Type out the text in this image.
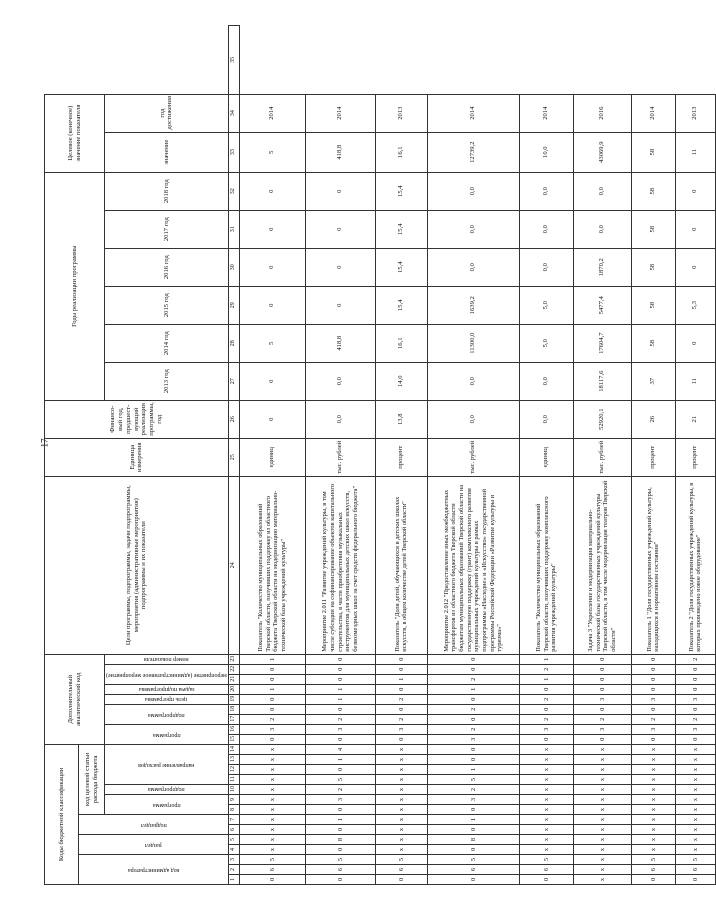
17
Коды бюджетной классификации														Дополнительный аналитический код									Цели программы, подпрограммы, задачи подпрограммы, мероприятия (административные мероприятия) подпрограммы и их показатели	Единица измерения	Финансо-вый год, предшест-вующий реализации программы, год	Годы реализации программы						Целевое (конечное) значение показателя		

код администратора			раздел		подраздел		код целевой статьи расхода бюджета																											

							программа		подпрограмма	направление расходов				программа		подпрограмма		цель программы	задача подпрограммы	мероприятие (административное мероприятие)		номер показателя				2013 год	2014 год	2015 год	2016 год	2017 год	2018 год	значение	год достижения	
1	2	3	4	5	6	7	8	9	10	11	12	13	14	15	16	17	18	19	20	21	22	23	24	25	26	27	28	29	30	31	32	33	34	35
0	6	5	x	x	x	x	x	x	x	x	x	x	x	0	3	2	0	0	1	0	0	1	Показатель "Количество муниципальных образований Тверской области, получивших поддержку из областного бюджета Тверской области на модернизацию материально-технической базы учреждений культуры"	единиц	0	0	5	0	0	0	0	5	2014	
0	6	5	0	8	0	1	0	3	2	5	0	1	4	0	3	2	0	1	1	0	0	0	Мероприятие 2.011 "Развитие учреждений культуры, в том числе субсидии на софинансирование объектов капитального строительства, в части приобретения музыкальных инструментов для муниципальных детских школ искусств, безвозмездных школ за счет средств федерального бюджета"	тыс. рублей	0,0	0,0	418,8	0	0	0	0	418,8	2014	
0	6	5	x	x	x	x	x	x	x	x	x	x	x	0	3	2	0	2	0	1	0	0	Показатель "Доля детей, обучающихся в детских школах искусств, в общем количестве детей Тверской области"	процент	13,8	14,0	16,1	15,4	15,4	15,4	15,4	16,1	2013	
0	6	5	0	8	0	1	0	3	2	5	1	0	0	3	2	0	2	0	1	2	0	0	Мероприятие 2.012 "Предоставление иных межбюджетных трансфертов из областного бюджета Тверской области бюджетам муниципальных образований Тверской области на государственную поддержку (грант) комплексного развития муниципальных учреждений культуры в рамках подпрограммы «Наследие» и «Искусство» государственной программы Российской Федерации «Развитие культуры и туризма»"	тыс. рублей	0,0	0,0	11300,0	1639,2	0,0	0,0	0,0	12739,2	2014	
0	6	5	x	x	x	x	x	x	x	x	x	x	x	0	3	2	0	2	0	1	2	1	Показатель "Количество муниципальных образований Тверской области, получивших поддержку комплексного развития учреждений культуры"	единиц	0,0	0,0	5,0	5,0	0,0	0,0	0,0	10,0	2014	
x	x	x	x	x	x	x	x	x	x	x	x	x	x	0	3	2	0	3	0	0	0	0	Задача 3 "Укрепление и модернизация материально-технической базы государственных учреждений культуры Тверской области, в том числе модернизация театров Тверской области"	тыс. рублей	52920,1	18117,6	17604,7	5477,4	1870,2	0,0	0,0	43069,9	2016	
0	6	5	x	x	x	x	x	x	x	x	x	x	x	0	3	2	0	3	0	0	0	0	Показатель 1 "Доля государственных учреждений культуры, находящихся в нормативном состоянии"	процент	26	37	58	58	58	58	58	58	2014	
0	6	5	x	x	x	x	x	x	x	x	x	x	x	0	3	2	0	3	0	0	0	2	Показатель 2 "Доля государственных учреждений культуры, в которых произведено новое оборудование"	процент	21	11	0	5,3	0	0	0	11	2013	
